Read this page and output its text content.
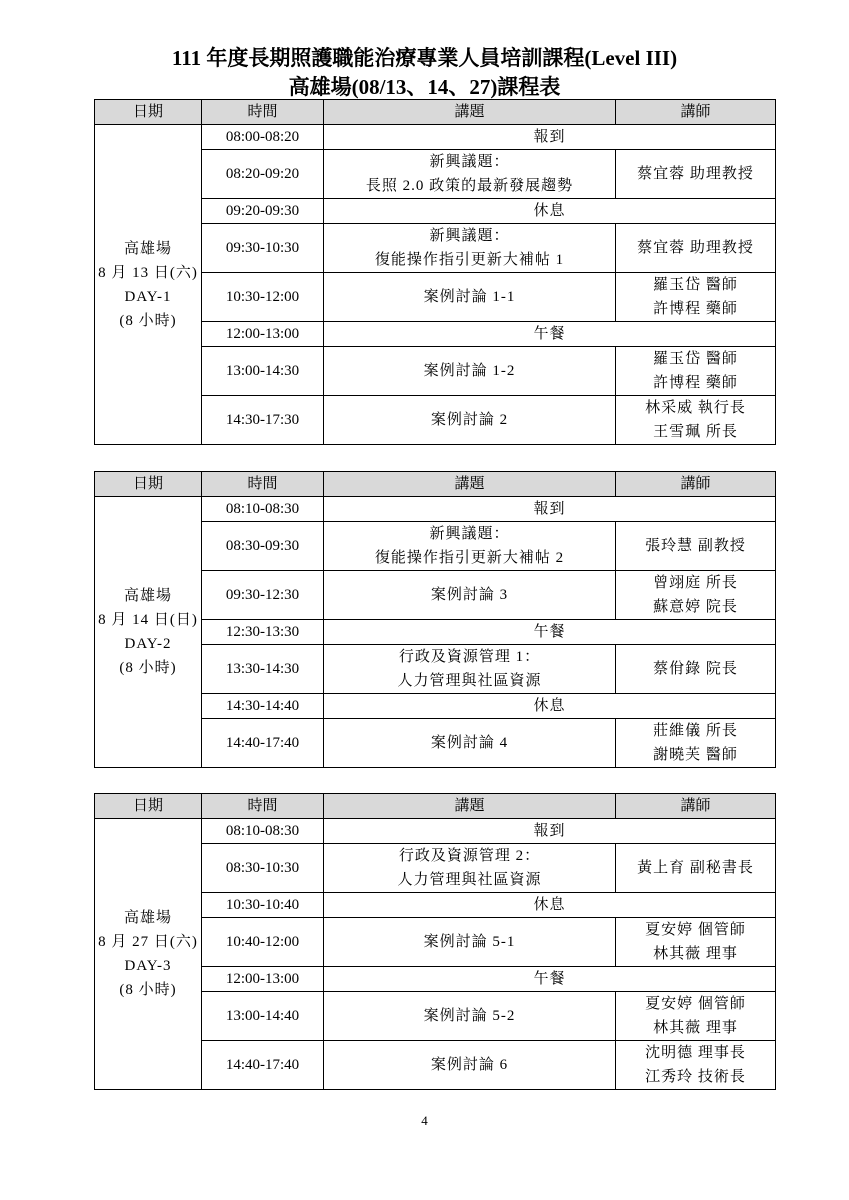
111 年度長期照護職能治療專業人員培訓課程(Level III)
高雄場(08/13、14、27)課程表
日期	時間	講題	講師

高雄場
8 月 13 日(六)
DAY-1
(8 小時)	08:00-08:20	報到	

	08:20-09:20	新興議題：
長照 2.0 政策的最新發展趨勢	蔡宜蓉 助理教授

	09:20-09:30	休息	

	09:30-10:30	新興議題：
復能操作指引更新大補帖 1	蔡宜蓉 助理教授

	10:30-12:00	案例討論 1-1	羅玉岱 醫師
許博程 藥師

	12:00-13:00	午餐	

	13:00-14:30	案例討論 1-2	羅玉岱 醫師
許博程 藥師

	14:30-17:30	案例討論 2	林采威 執行長
王雪珮 所長
日期	時間	講題	講師

高雄場
8 月 14 日(日)
DAY-2
(8 小時)	08:10-08:30	報到	

	08:30-09:30	新興議題：
復能操作指引更新大補帖 2	張玲慧 副教授

	09:30-12:30	案例討論 3	曾翊庭 所長
蘇意婷 院長

	12:30-13:30	午餐	

	13:30-14:30	行政及資源管理 1：
人力管理與社區資源	蔡佾錄 院長

	14:30-14:40	休息	

	14:40-17:40	案例討論 4	莊維儀 所長
謝曉芙 醫師
日期	時間	講題	講師

高雄場
8 月 27 日(六)
DAY-3
(8 小時)	08:10-08:30	報到	

	08:30-10:30	行政及資源管理 2：
人力管理與社區資源	黃上育 副秘書長

	10:30-10:40	休息	

	10:40-12:00	案例討論 5-1	夏安婷 個管師
林其薇 理事

	12:00-13:00	午餐	

	13:00-14:40	案例討論 5-2	夏安婷 個管師
林其薇 理事

	14:40-17:40	案例討論 6	沈明德 理事長
江秀玲 技術長
4
